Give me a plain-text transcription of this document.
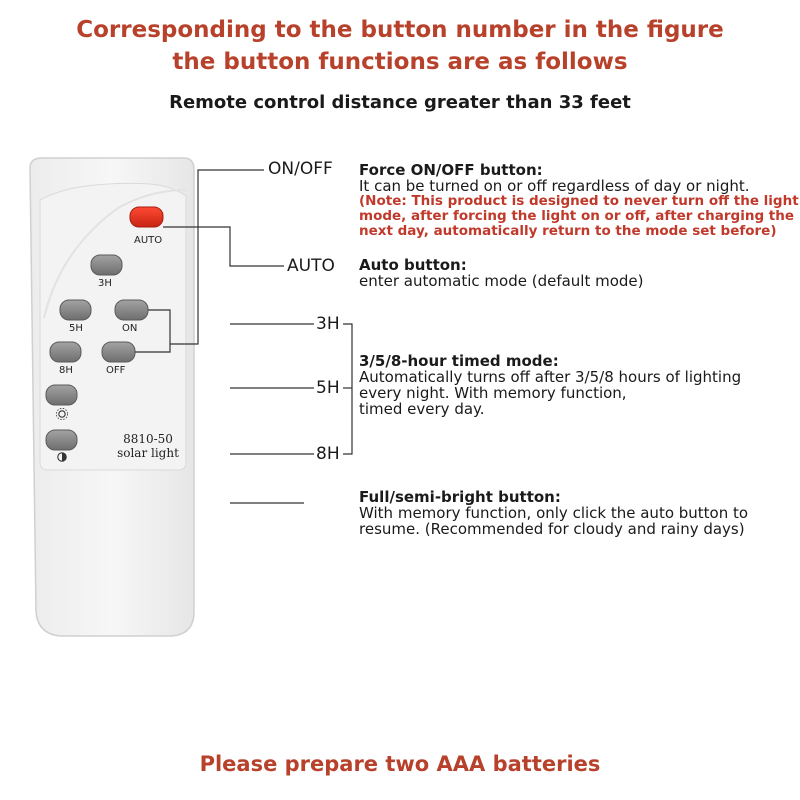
Corresponding to the button number in the figure
the button functions are as follows
Remote control distance greater than 33 feet
AUTO
3H
5H	ON
8H	OFF
8810-50
solar light
ON/OFF
AUTO
3H
5H
8H
Force ON/OFF button:
It can be turned on or off regardless of day or night.
(Note: This product is designed to never turn off the light
mode, after forcing the light on or off, after charging the
next day, automatically return to the mode set before)
Auto button:
enter automatic mode (default mode)
3/5/8-hour timed mode:
Automatically turns off after 3/5/8 hours of lighting
every night. With memory function,
timed every day.
Full/semi-bright button:
With memory function, only click the auto button to
resume. (Recommended for cloudy and rainy days)
Please prepare two AAA batteries
